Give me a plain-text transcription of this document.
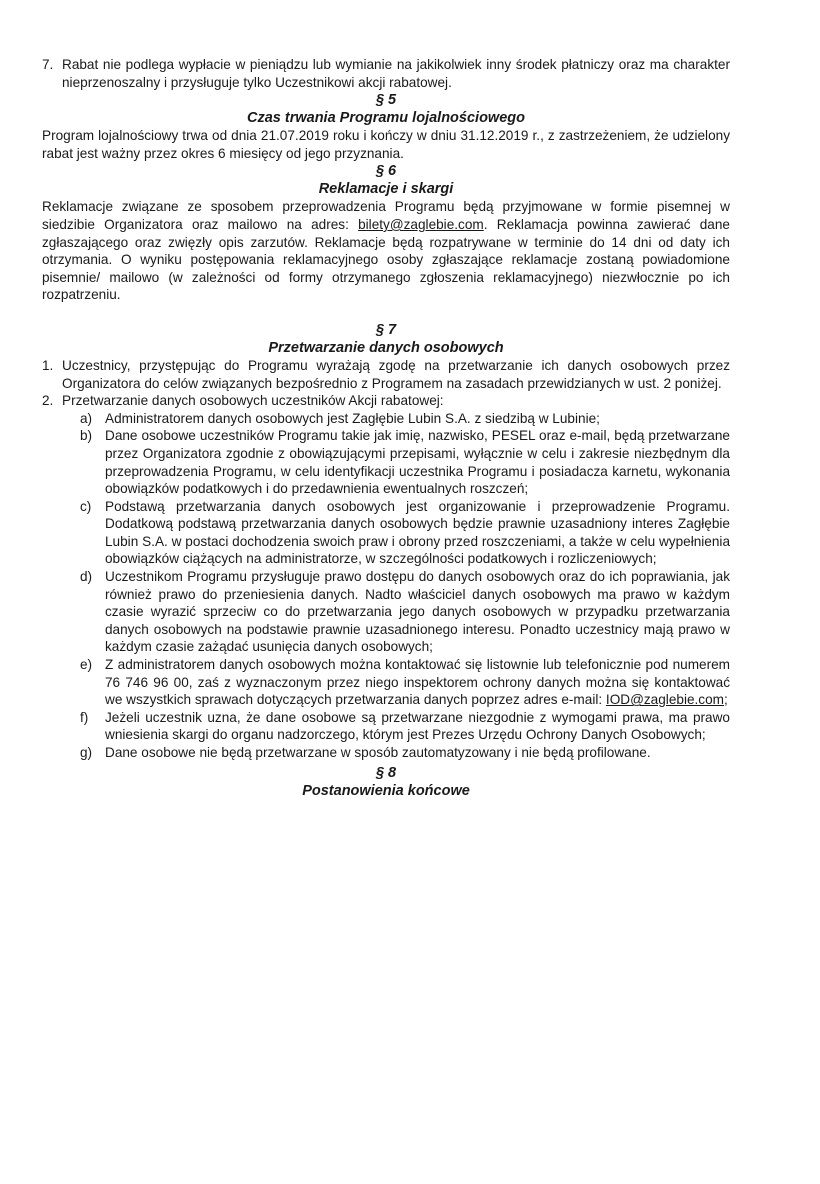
7. Rabat nie podlega wypłacie w pieniądzu lub wymianie na jakikolwiek inny środek płatniczy oraz ma charakter nieprzenoszalny i przysługuje tylko Uczestnikowi akcji rabatowej.

§ 5

Czas trwania Programu lojalnościowego

Program lojalnościowy trwa od dnia 21.07.2019 roku i kończy w dniu 31.12.2019 r., z zastrzeżeniem, że udzielony rabat jest ważny przez okres 6 miesięcy od jego przyznania.

§ 6

Reklamacje i skargi

Reklamacje związane ze sposobem przeprowadzenia Programu będą przyjmowane w formie pisemnej w siedzibie Organizatora oraz mailowo na adres: bilety@zaglebie.com. Reklamacja powinna zawierać dane zgłaszającego oraz zwięzły opis zarzutów. Reklamacje będą rozpatrywane w terminie do 14 dni od daty ich otrzymania. O wyniku postępowania reklamacyjnego osoby zgłaszające reklamacje zostaną powiadomione pisemnie/ mailowo (w zależności od formy otrzymanego zgłoszenia reklamacyjnego) niezwłocznie po ich rozpatrzeniu.

§ 7

Przetwarzanie danych osobowych

1. Uczestnicy, przystępując do Programu wyrażają zgodę na przetwarzanie ich danych osobowych przez Organizatora do celów związanych bezpośrednio z Programem na zasadach przewidzianych w ust. 2 poniżej.
2. Przetwarzanie danych osobowych uczestników Akcji rabatowej:
a) Administratorem danych osobowych jest Zagłębie Lubin S.A. z siedzibą w Lubinie;
b) Dane osobowe uczestników Programu takie jak imię, nazwisko, PESEL oraz e-mail, będą przetwarzane przez Organizatora zgodnie z obowiązującymi przepisami, wyłącznie w celu i zakresie niezbędnym dla przeprowadzenia Programu, w celu identyfikacji uczestnika Programu i posiadacza karnetu, wykonania obowiązków podatkowych i do przedawnienia ewentualnych roszczeń;
c) Podstawą przetwarzania danych osobowych jest organizowanie i przeprowadzenie Programu. Dodatkową podstawą przetwarzania danych osobowych będzie prawnie uzasadniony interes Zagłębie Lubin S.A. w postaci dochodzenia swoich praw i obrony przed roszczeniami, a także w celu wypełnienia obowiązków ciążących na administratorze, w szczególności podatkowych i rozliczeniowych;
d) Uczestnikom Programu przysługuje prawo dostępu do danych osobowych oraz do ich poprawiania, jak również prawo do przeniesienia danych. Nadto właściciel danych osobowych ma prawo w każdym czasie wyrazić sprzeciw co do przetwarzania jego danych osobowych w przypadku przetwarzania danych osobowych na podstawie prawnie uzasadnionego interesu. Ponadto uczestnicy mają prawo w każdym czasie zażądać usunięcia danych osobowych;
e) Z administratorem danych osobowych można kontaktować się listownie lub telefonicznie pod numerem 76 746 96 00, zaś z wyznaczonym przez niego inspektorem ochrony danych można się kontaktować we wszystkich sprawach dotyczących przetwarzania danych poprzez adres e-mail: IOD@zaglebie.com;
f) Jeżeli uczestnik uzna, że dane osobowe są przetwarzane niezgodnie z wymogami prawa, ma prawo wniesienia skargi do organu nadzorczego, którym jest Prezes Urzędu Ochrony Danych Osobowych;
g) Dane osobowe nie będą przetwarzane w sposób zautomatyzowany i nie będą profilowane.

§ 8

Postanowienia końcowe
